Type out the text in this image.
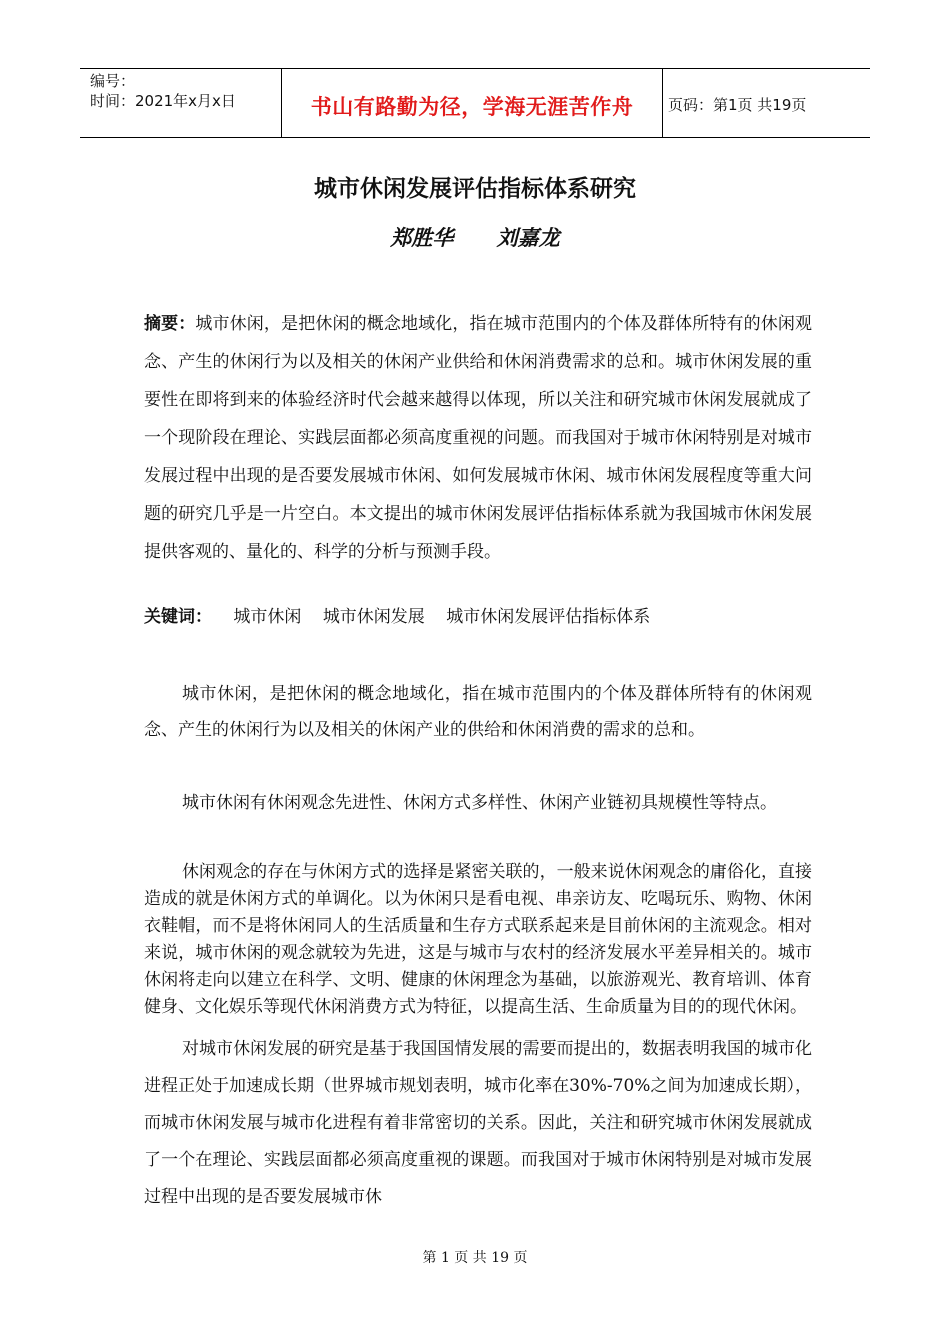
编号：
时间：2021年x月x日	书山有路勤为径，学海无涯苦作舟	页码：第1页 共19页
城市休闲发展评估指标体系研究
郑胜华 刘嘉龙
摘要：城市休闲，是把休闲的概念地域化，指在城市范围内的个体及群体所特有的休闲观念、产生的休闲行为以及相关的休闲产业供给和休闲消费需求的总和。城市休闲发展的重要性在即将到来的体验经济时代会越来越得以体现，所以关注和研究城市休闲发展就成了一个现阶段在理论、实践层面都必须高度重视的问题。而我国对于城市休闲特别是对城市发展过程中出现的是否要发展城市休闲、如何发展城市休闲、城市休闲发展程度等重大问题的研究几乎是一片空白。本文提出的城市休闲发展评估指标体系就为我国城市休闲发展提供客观的、量化的、科学的分析与预测手段。
关键词： 城市休闲 城市休闲发展 城市休闲发展评估指标体系

城市休闲，是把休闲的概念地域化，指在城市范围内的个体及群体所特有的休闲观念、产生的休闲行为以及相关的休闲产业的供给和休闲消费的需求的总和。

城市休闲有休闲观念先进性、休闲方式多样性、休闲产业链初具规模性等特点。

休闲观念的存在与休闲方式的选择是紧密关联的，一般来说休闲观念的庸俗化，直接造成的就是休闲方式的单调化。以为休闲只是看电视、串亲访友、吃喝玩乐、购物、休闲衣鞋帽，而不是将休闲同人的生活质量和生存方式联系起来是目前休闲的主流观念。相对来说，城市休闲的观念就较为先进，这是与城市与农村的经济发展水平差异相关的。城市休闲将走向以建立在科学、文明、健康的休闲理念为基础，以旅游观光、教育培训、体育健身、文化娱乐等现代休闲消费方式为特征，以提高生活、生命质量为目的的现代休闲。

对城市休闲发展的研究是基于我国国情发展的需要而提出的，数据表明我国的城市化进程正处于加速成长期（世界城市规划表明，城市化率在30%-70%之间为加速成长期），而城市休闲发展与城市化进程有着非常密切的关系。因此，关注和研究城市休闲发展就成了一个在理论、实践层面都必须高度重视的课题。而我国对于城市休闲特别是对城市发展过程中出现的是否要发展城市休

第 1 页 共 19 页
